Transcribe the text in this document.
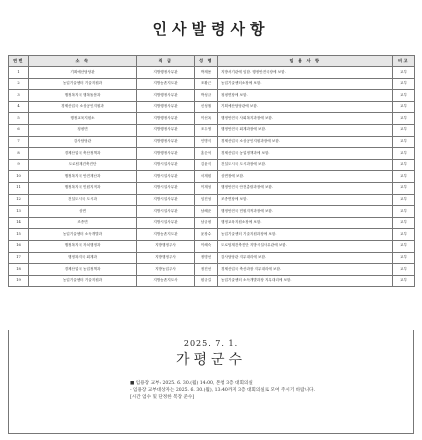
인사발령사항
연번	소 속	직 급	성 명	임 용 사 항	비고
1	기획예산담당관	지방행정사무관	박재용	지방서기관에 임함. 행정안전국장에 보함.	교부
2	농업기술센터 기술지원과	지방농촌지도관	조황근	농업기술센터소장에 보함.	교부
3	행정복지국 행복돌봄과	지방행정사무관	박성규	청평면장에 보함.	교부
4	경제산업국 소상공인지원과	지방행정사무관	신성철	기획예산담당관에 보함.	교부
5	행정교육지원소	지방행정사무관	이선옥	행정안전국 사회복지과장에 보함.	교부
6	청평면	지방행정사무관	조두영	행정안전국 회계과장에 보함.	교부
7	감사담당관	지방행정사무관	인병식	경제산업국 소상공인지원과장에 보함.	교부
8	경제산업국 축산정책과	지방행정사무관	홍순석	경제산업국 농업정책과에 보함.	교부
9	도로팀재건축진단	지방시설사무관	김윤식	건설도시국 도시과장에 보함.	교부
10	행정복지국 안전재난과	지방시설사무관	서재원	상면장에 보함.	교부
11	행정복지국 민원지적과	지방시설사무관	이재성	행정안전국 안전총괄과장에 보함.	교부
12	건설도시국 도시과	지방시설사무관	임진성	조종면장에 보함.	교부
13	상면	지방시설사무관	남혜준	행정안전국 민원지적과장에 보함.	교부
14	조종면	지방시설사무관	남궁평	행정교육지원소장에 보함.	교부
15	농업기술센터 소득개발과	지방농촌지도관	윤창수	농업기술센터 기술지원과장에 보함.	교부
16	행정복지국 자치행정과	지방행정주사	이혜숙	도로팀재건축진단 지방시설사무관에 보함.	교부
17	행정복지국 회계과	지방행정주사	정명선	감사담당관 지무대리에 보함.	교부
18	경제산업국 농업정책과	지방농업주사	정진선	경제산업국 축산과장 지무대리에 보함.	교부
19	농업기술센터 기술지원과	지방농촌지도사	원규길	농업기술센터 소득개발과장 지무대리에 보함.	교부
2025. 7. 1.
가평군수
■ 임용장 교부: 2025. 6. 30.(월) 14:00, 본청 3층 대회의실
- 임용장 교부대상자는 2025. 6. 30.(월), 13:40까지 3층 대회의실로 모여 주시기 바랍니다.
[시간 엄수 및 단정한 복장 준수]
